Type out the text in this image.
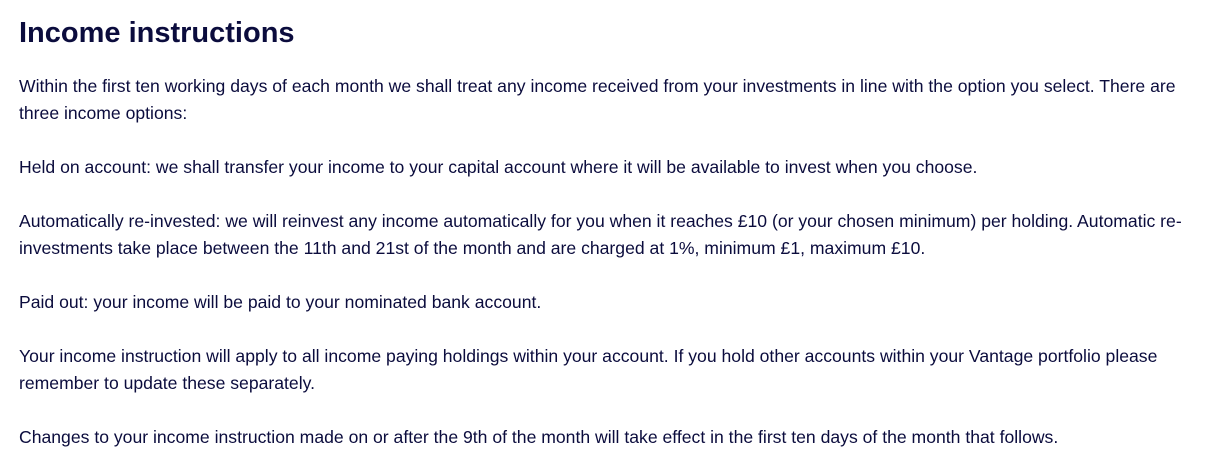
Income instructions

Within the first ten working days of each month we shall treat any income received from your investments in line with the option you select. There are three income options:

Held on account: we shall transfer your income to your capital account where it will be available to invest when you choose.

Automatically re-invested: we will reinvest any income automatically for you when it reaches £10 (or your chosen minimum) per holding. Automatic re-investments take place between the 11th and 21st of the month and are charged at 1%, minimum £1, maximum £10.

Paid out: your income will be paid to your nominated bank account.

Your income instruction will apply to all income paying holdings within your account. If you hold other accounts within your Vantage portfolio please remember to update these separately.

Changes to your income instruction made on or after the 9th of the month will take effect in the first ten days of the month that follows.
